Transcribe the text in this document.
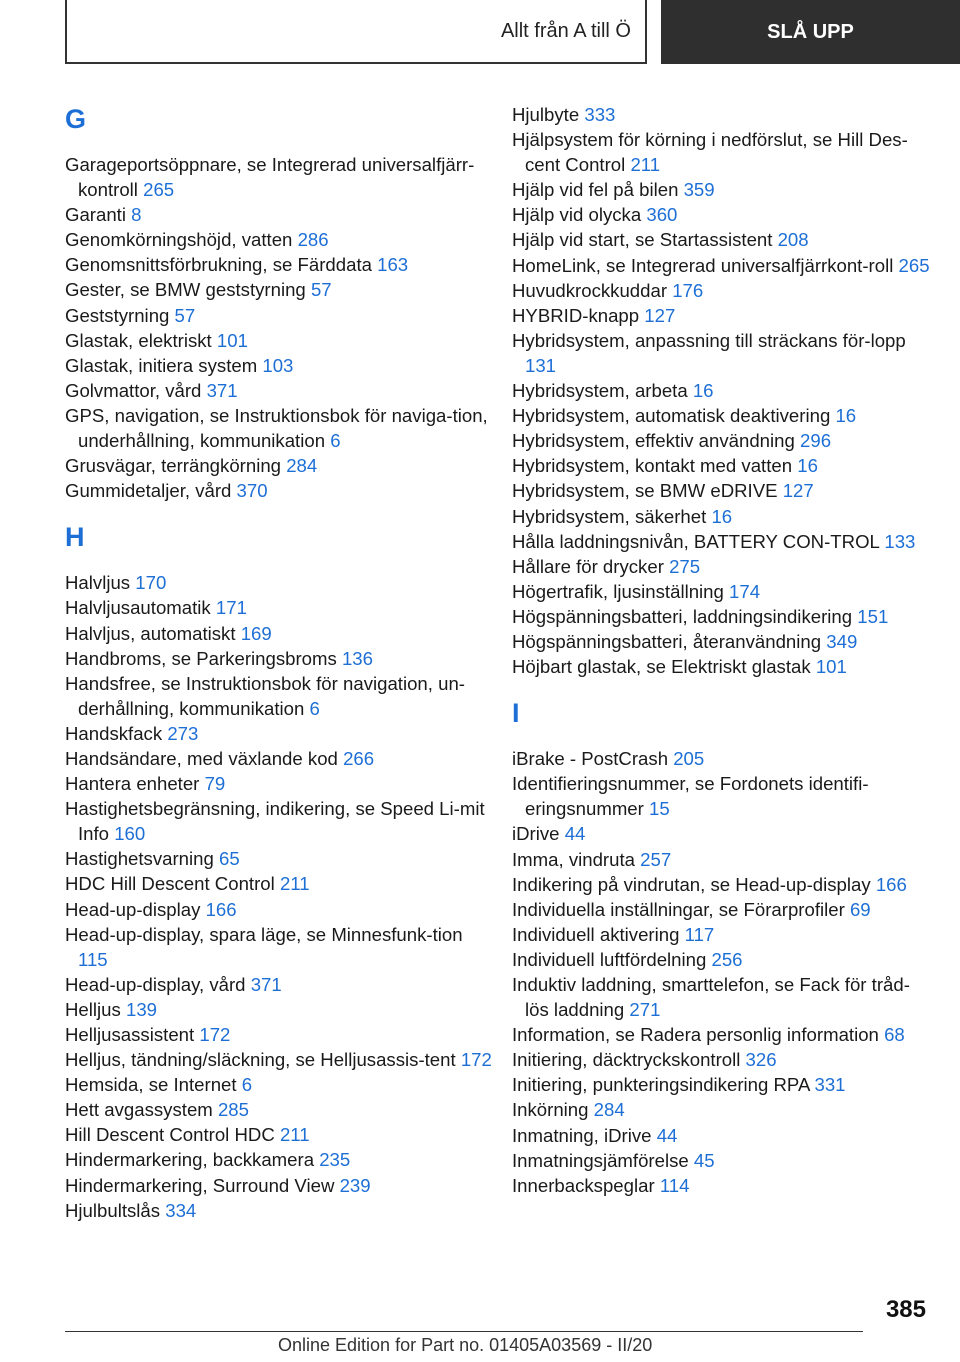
Allt från A till Ö	SLÅ UPP
G
Garageportsöppnare, se Integrerad universalfjärr-kontroll 265
Garanti 8
Genomkörningshöjd, vatten 286
Genomsnittsförbrukning, se Färddata 163
Gester, se BMW geststyrning 57
Geststyrning 57
Glastak, elektriskt 101
Glastak, initiera system 103
Golvmattor, vård 371
GPS, navigation, se Instruktionsbok för naviga-tion, underhållning, kommunikation 6
Grusvägar, terrängkörning 284
Gummidetaljer, vård 370
H
Halvljus 170
Halvljusautomatik 171
Halvljus, automatiskt 169
Handbroms, se Parkeringsbroms 136
Handsfree, se Instruktionsbok för navigation, un-derhållning, kommunikation 6
Handskfack 273
Handsändare, med växlande kod 266
Hantera enheter 79
Hastighetsbegränsning, indikering, se Speed Li-mit Info 160
Hastighetsvarning 65
HDC Hill Descent Control 211
Head-up-display 166
Head-up-display, spara läge, se Minnesfunk-tion 115
Head-up-display, vård 371
Helljus 139
Helljusassistent 172
Helljus, tändning/släckning, se Helljusassis-tent 172
Hemsida, se Internet 6
Hett avgassystem 285
Hill Descent Control HDC 211
Hindermarkering, backkamera 235
Hindermarkering, Surround View 239
Hjulbultslås 334
Hjulbyte 333
Hjälpsystem för körning i nedförslut, se Hill Des-cent Control 211
Hjälp vid fel på bilen 359
Hjälp vid olycka 360
Hjälp vid start, se Startassistent 208
HomeLink, se Integrerad universalfjärrkont-roll 265
Huvudkrockkuddar 176
HYBRID-knapp 127
Hybridsystem, anpassning till sträckans för-lopp 131
Hybridsystem, arbeta 16
Hybridsystem, automatisk deaktivering 16
Hybridsystem, effektiv användning 296
Hybridsystem, kontakt med vatten 16
Hybridsystem, se BMW eDRIVE 127
Hybridsystem, säkerhet 16
Hålla laddningsnivån, BATTERY CON-TROL 133
Hållare för drycker 275
Högertrafik, ljusinställning 174
Högspänningsbatteri, laddningsindikering 151
Högspänningsbatteri, återanvändning 349
Höjbart glastak, se Elektriskt glastak 101
I
iBrake - PostCrash 205
Identifieringsnummer, se Fordonets identifi-eringsnummer 15
iDrive 44
Imma, vindruta 257
Indikering på vindrutan, se Head-up-display 166
Individuella inställningar, se Förarprofiler 69
Individuell aktivering 117
Individuell luftfördelning 256
Induktiv laddning, smarttelefon, se Fack för tråd-lös laddning 271
Information, se Radera personlig information 68
Initiering, däcktryckskontroll 326
Initiering, punkteringsindikering RPA 331
Inkörning 284
Inmatning, iDrive 44
Inmatningsjämförelse 45
Innerbackspeglar 114
385
Online Edition for Part no. 01405A03569 - II/20
